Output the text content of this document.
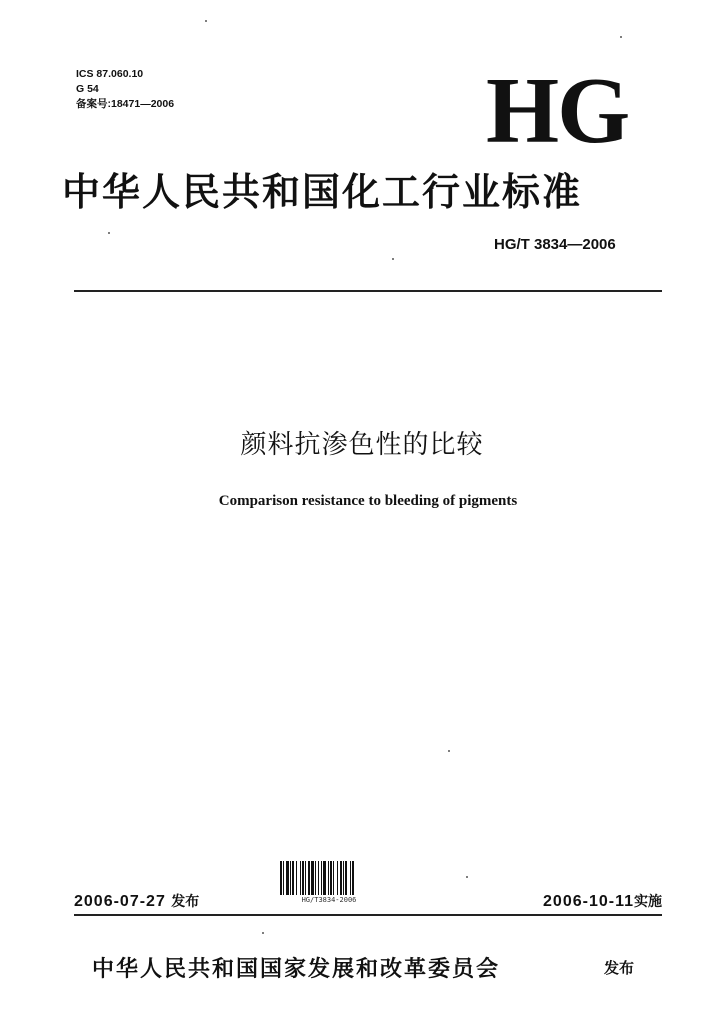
ICS 87.060.10
G 54
备案号:18471—2006	HG
中华人民共和国化工行业标准
HG/T 3834—2006
颜料抗渗色性的比较
Comparison resistance to bleeding of pigments
HG/T3834-2006
2006-07-27 发布	2006-10-11实施
中华人民共和国国家发展和改革委员会	发布
